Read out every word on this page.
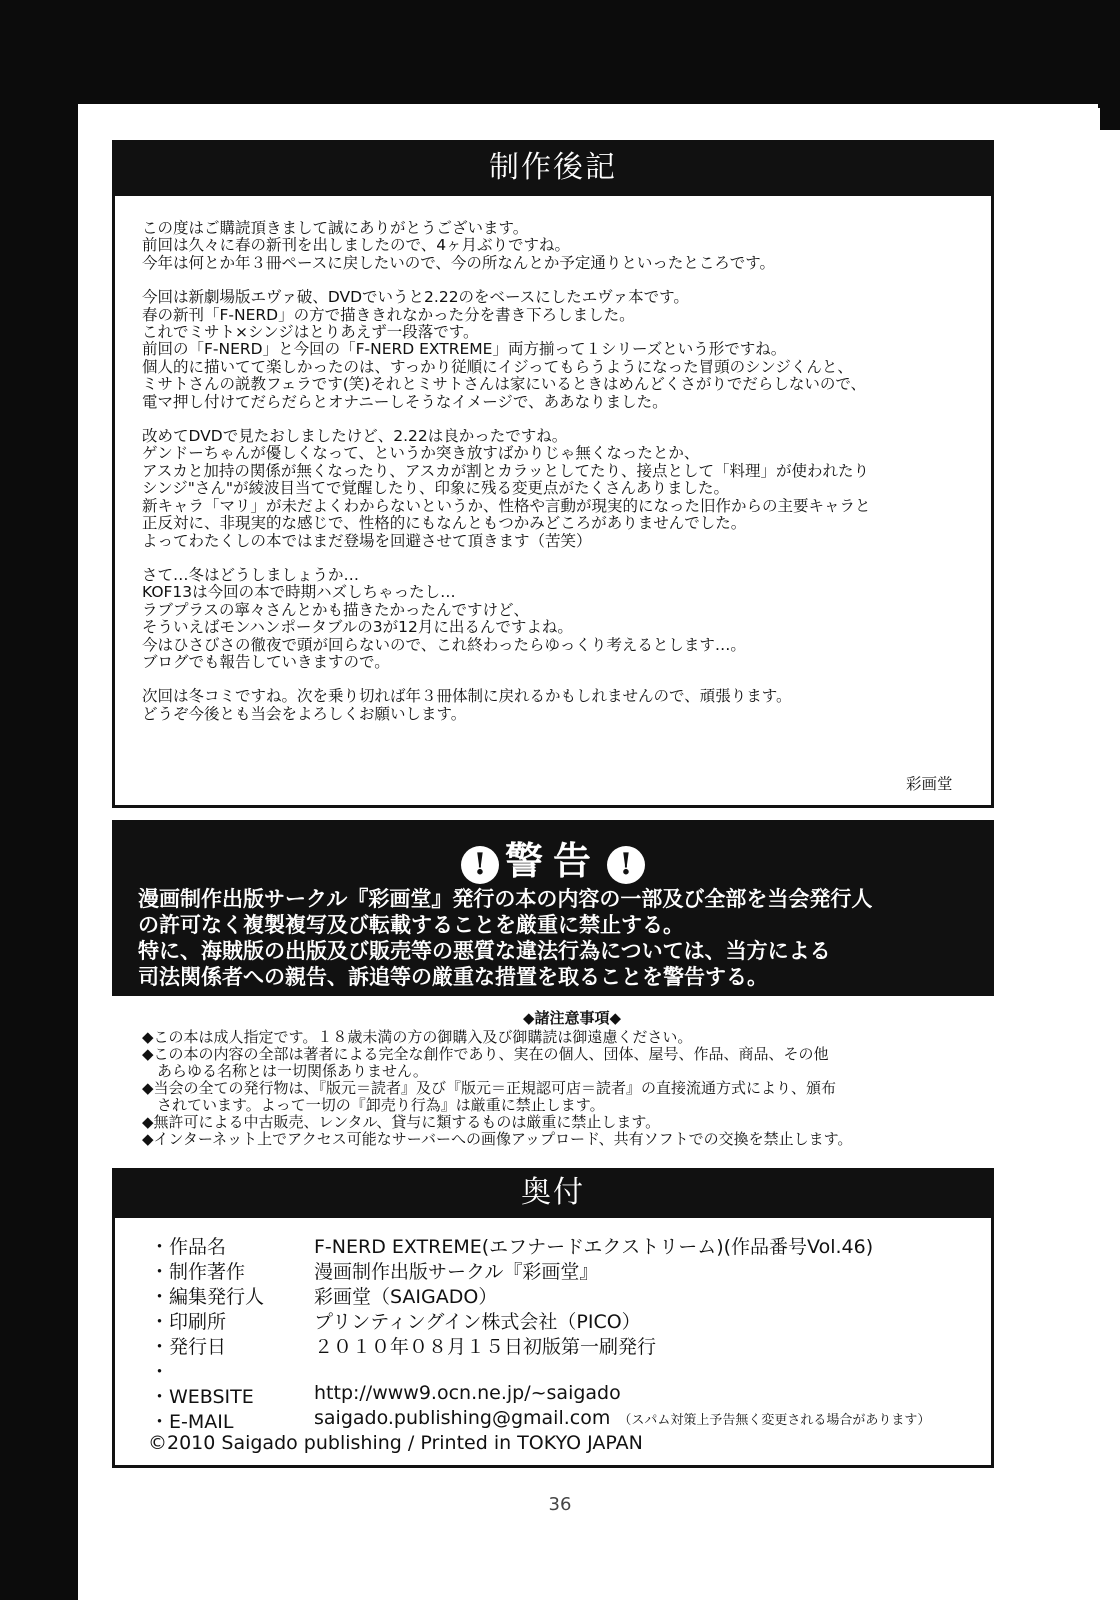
制作後記
この度はご購読頂きまして誠にありがとうございます。
前回は久々に春の新刊を出しましたので、4ヶ月ぶりですね。
今年は何とか年３冊ペースに戻したいので、今の所なんとか予定通りといったところです。
今回は新劇場版エヴァ破、DVDでいうと2.22のをベースにしたエヴァ本です。
春の新刊「F-NERD」の方で描ききれなかった分を書き下ろしました。
これでミサト×シンジはとりあえず一段落です。
前回の「F-NERD」と今回の「F-NERD EXTREME」両方揃って１シリーズという形ですね。
個人的に描いてて楽しかったのは、すっかり従順にイジってもらうようになった冒頭のシンジくんと、
ミサトさんの説教フェラです(笑)それとミサトさんは家にいるときはめんどくさがりでだらしないので、
電マ押し付けてだらだらとオナニーしそうなイメージで、ああなりました。
改めてDVDで見たおしましたけど、2.22は良かったですね。
ゲンドーちゃんが優しくなって、というか突き放すばかりじゃ無くなったとか、
アスカと加持の関係が無くなったり、アスカが割とカラッとしてたり、接点として「料理」が使われたり
シンジ"さん"が綾波目当てで覚醒したり、印象に残る変更点がたくさんありました。
新キャラ「マリ」が未だよくわからないというか、性格や言動が現実的になった旧作からの主要キャラと
正反対に、非現実的な感じで、性格的にもなんともつかみどころがありませんでした。
よってわたくしの本ではまだ登場を回避させて頂きます（苦笑）
さて…冬はどうしましょうか…
KOF13は今回の本で時期ハズしちゃったし…
ラブプラスの寧々さんとかも描きたかったんですけど、
そういえばモンハンポータブルの3が12月に出るんですよね。
今はひさびさの徹夜で頭が回らないので、これ終わったらゆっくり考えるとします…。
ブログでも報告していきますので。
次回は冬コミですね。次を乗り切れば年３冊体制に戻れるかもしれませんので、頑張ります。
どうぞ今後とも当会をよろしくお願いします。
彩画堂
! 警告 !
漫画制作出版サークル『彩画堂』発行の本の内容の一部及び全部を当会発行人
の許可なく複製複写及び転載することを厳重に禁止する。
特に、海賊版の出版及び販売等の悪質な違法行為については、当方による
司法関係者への親告、訴追等の厳重な措置を取ることを警告する。
◆諸注意事項◆
◆この本は成人指定です。１８歳未満の方の御購入及び御購読は御遠慮ください。
◆この本の内容の全部は著者による完全な創作であり、実在の個人、団体、屋号、作品、商品、その他
　あらゆる名称とは一切関係ありません。
◆当会の全ての発行物は、『版元＝読者』及び『版元＝正規認可店＝読者』の直接流通方式により、頒布
　されています。よって一切の『卸売り行為』は厳重に禁止します。
◆無許可による中古販売、レンタル、貸与に類するものは厳重に禁止します。
◆インターネット上でアクセス可能なサーバーへの画像アップロード、共有ソフトでの交換を禁止します。
奥付
・作品名	F-NERD EXTREME(エフナードエクストリーム)(作品番号Vol.46)
・制作著作	漫画制作出版サークル『彩画堂』
・編集発行人	彩画堂（SAIGADO）
・印刷所	プリンティングイン株式会社（PICO）
・発行日	２０１０年０８月１５日初版第一刷発行
・
・WEBSITE	http://www9.ocn.ne.jp/~saigado
・E-MAIL	saigado.publishing@gmail.com （スパム対策上予告無く変更される場合があります）
©2010 Saigado publishing / Printed in TOKYO JAPAN
36
